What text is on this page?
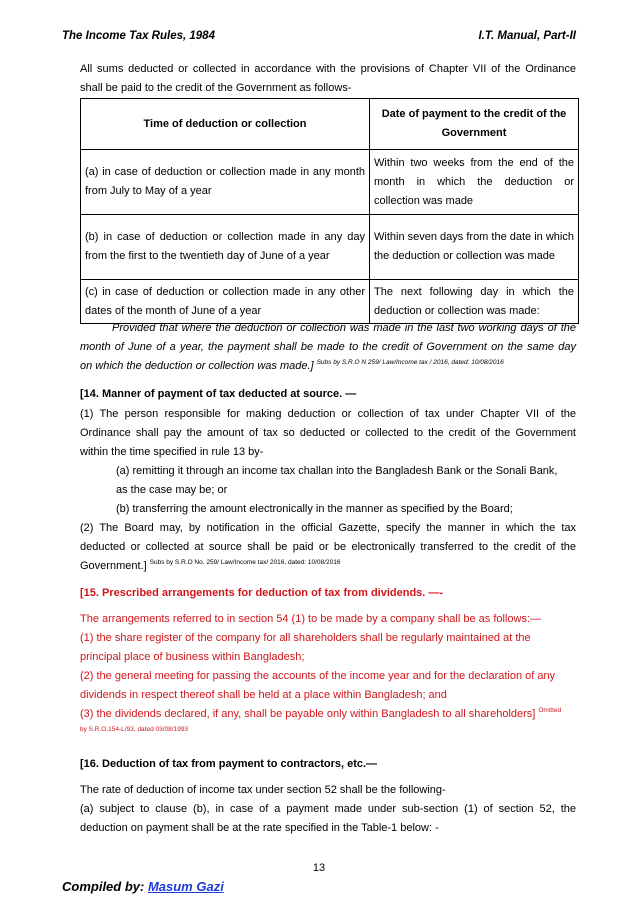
The Income Tax Rules, 1984	I.T. Manual, Part-II
All sums deducted or collected in accordance with the provisions of Chapter VII of the Ordinance
shall be paid to the credit of the Government as follows-
Time of deduction or collection	Date of payment to the credit of the
Government
(a) in case of deduction or collection made in any month from July to May of a year	Within two weeks from the end of the month in which the deduction or collection was made
(b) in case of deduction or collection made in any day from the first to the twentieth day of June of a year	Within seven days from the date in which the deduction or collection was made
(c) in case of deduction or collection made in any other dates of the month of June of a year	The next following day in which the deduction or collection was made:
Provided that where the deduction or collection was made in the last two working days of the
month of June of a year, the payment shall be made to the credit of Government on the same day
on which the deduction or collection was made.] $^{Subs by S.R.O N 259/ Law/Income tax / 2016, dated: 10/08/2016}$
[14. Manner of payment of tax deducted at source. —
(1) The person responsible for making deduction or collection of tax under Chapter VII of the
Ordinance shall pay the amount of tax so deducted or collected to the credit of the Government
within the time specified in rule 13 by-
(a) remitting it through an income tax challan into the Bangladesh Bank or the Sonali Bank,
as the case may be; or
(b) transferring the amount electronically in the manner as specified by the Board;
(2) The Board may, by notification in the official Gazette, specify the manner in which the tax
deducted or collected at source shall be paid or be electronically transferred to the credit of the
Government.] $^{Subs by S.R.O No. 259/ Law/Income tax/ 2016, dated: 10/08/2016}$
[15. Prescribed arrangements for deduction of tax from dividends. —-
The arrangements referred to in section 54 (1) to be made by a company shall be as follows:—
(1) the share register of the company for all shareholders shall be regularly maintained at the
principal place of business within Bangladesh;
(2) the general meeting for passing the accounts of the income year and for the declaration of any
dividends in respect thereof shall be held at a place within Bangladesh; and
(3) the dividends declared, if any, shall be payable only within Bangladesh to all shareholders] $^{Omitted}$
by S.R.O.154-L/93, dated 03/08/1993
[16. Deduction of tax from payment to contractors, etc.—
The rate of deduction of income tax under section 52 shall be the following-
(a) subject to clause (b), in case of a payment made under sub-section (1) of section 52, the
deduction on payment shall be at the rate specified in the Table-1 below: -
13
Compiled by: Masum Gazi
